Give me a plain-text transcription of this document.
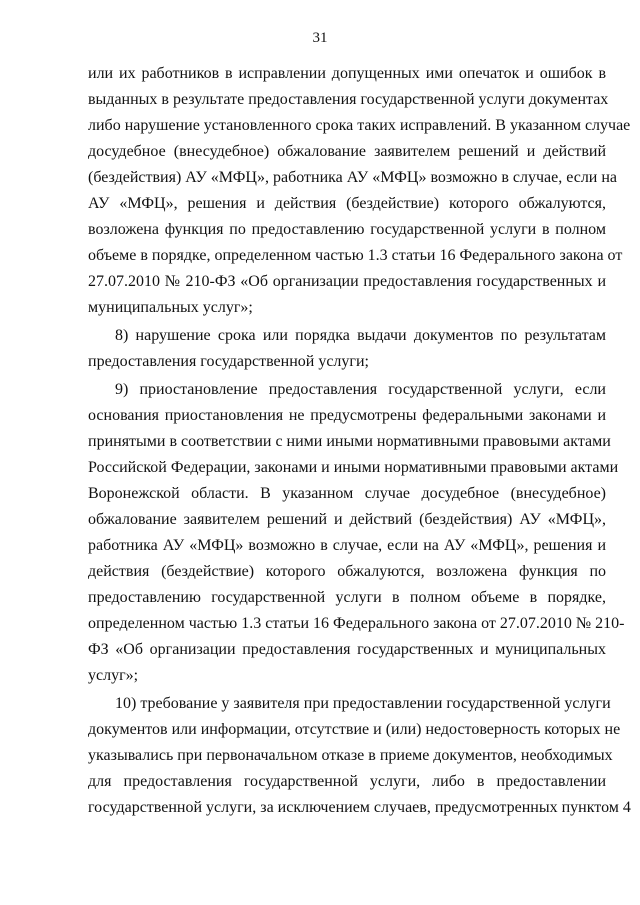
31
или их работников в исправлении допущенных ими опечаток и ошибок в
выданных в результате предоставления государственной услуги документах
либо нарушение установленного срока таких исправлений. В указанном случае
досудебное (внесудебное) обжалование заявителем решений и действий
(бездействия) АУ «МФЦ», работника АУ «МФЦ» возможно в случае, если на
АУ «МФЦ», решения и действия (бездействие) которого обжалуются,
возложена функция по предоставлению государственной услуги в полном
объеме в порядке, определенном частью 1.3 статьи 16 Федерального закона от
27.07.2010 № 210-ФЗ «Об организации предоставления государственных и
муниципальных услуг»;
8) нарушение срока или порядка выдачи документов по результатам
предоставления государственной услуги;
9) приостановление предоставления государственной услуги, если
основания приостановления не предусмотрены федеральными законами и
принятыми в соответствии с ними иными нормативными правовыми актами
Российской Федерации, законами и иными нормативными правовыми актами
Воронежской области. В указанном случае досудебное (внесудебное)
обжалование заявителем решений и действий (бездействия) АУ «МФЦ»,
работника АУ «МФЦ» возможно в случае, если на АУ «МФЦ», решения и
действия (бездействие) которого обжалуются, возложена функция по
предоставлению государственной услуги в полном объеме в порядке,
определенном частью 1.3 статьи 16 Федерального закона от 27.07.2010 № 210-
ФЗ «Об организации предоставления государственных и муниципальных
услуг»;
10) требование у заявителя при предоставлении государственной услуги
документов или информации, отсутствие и (или) недостоверность которых не
указывались при первоначальном отказе в приеме документов, необходимых
для предоставления государственной услуги, либо в предоставлении
государственной услуги, за исключением случаев, предусмотренных пунктом 4
